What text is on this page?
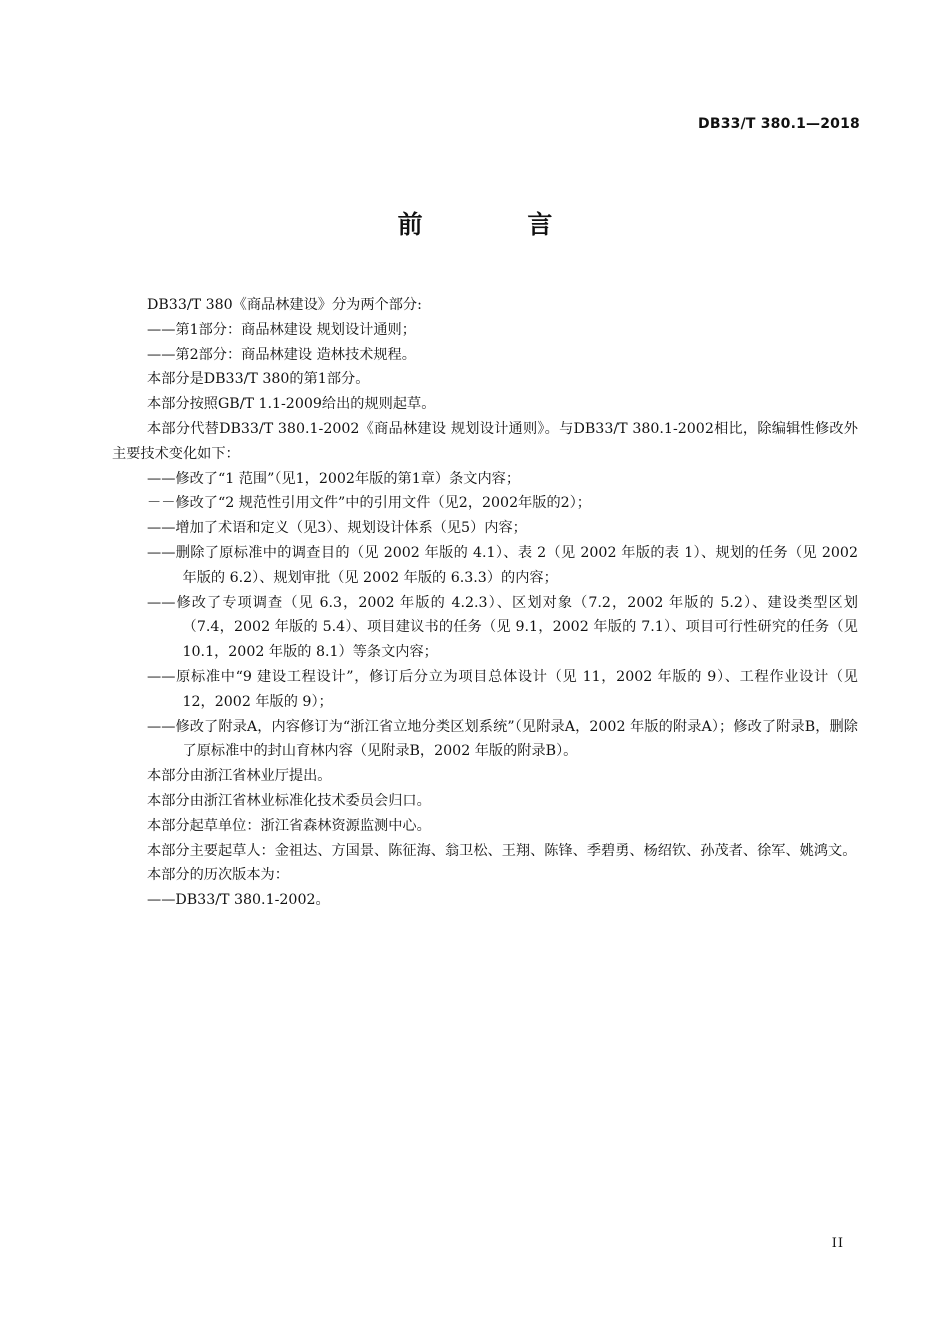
DB33/T 380.1—2018
前 言

DB33/T 380《商品林建设》分为两个部分:

——第1部分：商品林建设 规划设计通则；

——第2部分：商品林建设 造林技术规程。

本部分是DB33/T 380的第1部分。

本部分按照GB/T 1.1-2009给出的规则起草。

本部分代替DB33/T 380.1-2002《商品林建设 规划设计通则》。与DB33/T 380.1-2002相比，除编辑性修改外主要技术变化如下：

——修改了“1 范围”（见1，2002年版的第1章）条文内容；

－－修改了“2 规范性引用文件”中的引用文件（见2，2002年版的2）；

——增加了术语和定义（见3）、规划设计体系（见5）内容；

——删除了原标准中的调查目的（见 2002 年版的 4.1）、表 2（见 2002 年版的表 1）、规划的任务（见 2002 年版的 6.2）、规划审批（见 2002 年版的 6.3.3）的内容；

——修改了专项调查（见 6.3，2002 年版的 4.2.3）、区划对象（7.2，2002 年版的 5.2）、建设类型区划（7.4，2002 年版的 5.4）、项目建议书的任务（见 9.1，2002 年版的 7.1）、项目可行性研究的任务（见 10.1，2002 年版的 8.1）等条文内容；

——原标准中“9 建设工程设计”，修订后分立为项目总体设计（见 11，2002 年版的 9）、工程作业设计（见 12，2002 年版的 9）；

——修改了附录A，内容修订为“浙江省立地分类区划系统”（见附录A，2002 年版的附录A）；修改了附录B，删除了原标准中的封山育林内容（见附录B，2002 年版的附录B）。

本部分由浙江省林业厅提出。

本部分由浙江省林业标准化技术委员会归口。

本部分起草单位：浙江省森林资源监测中心。

本部分主要起草人：金祖达、方国景、陈征海、翁卫松、王翔、陈锋、季碧勇、杨绍钦、孙茂者、徐军、姚鸿文。

本部分的历次版本为：

——DB33/T 380.1-2002。

II
